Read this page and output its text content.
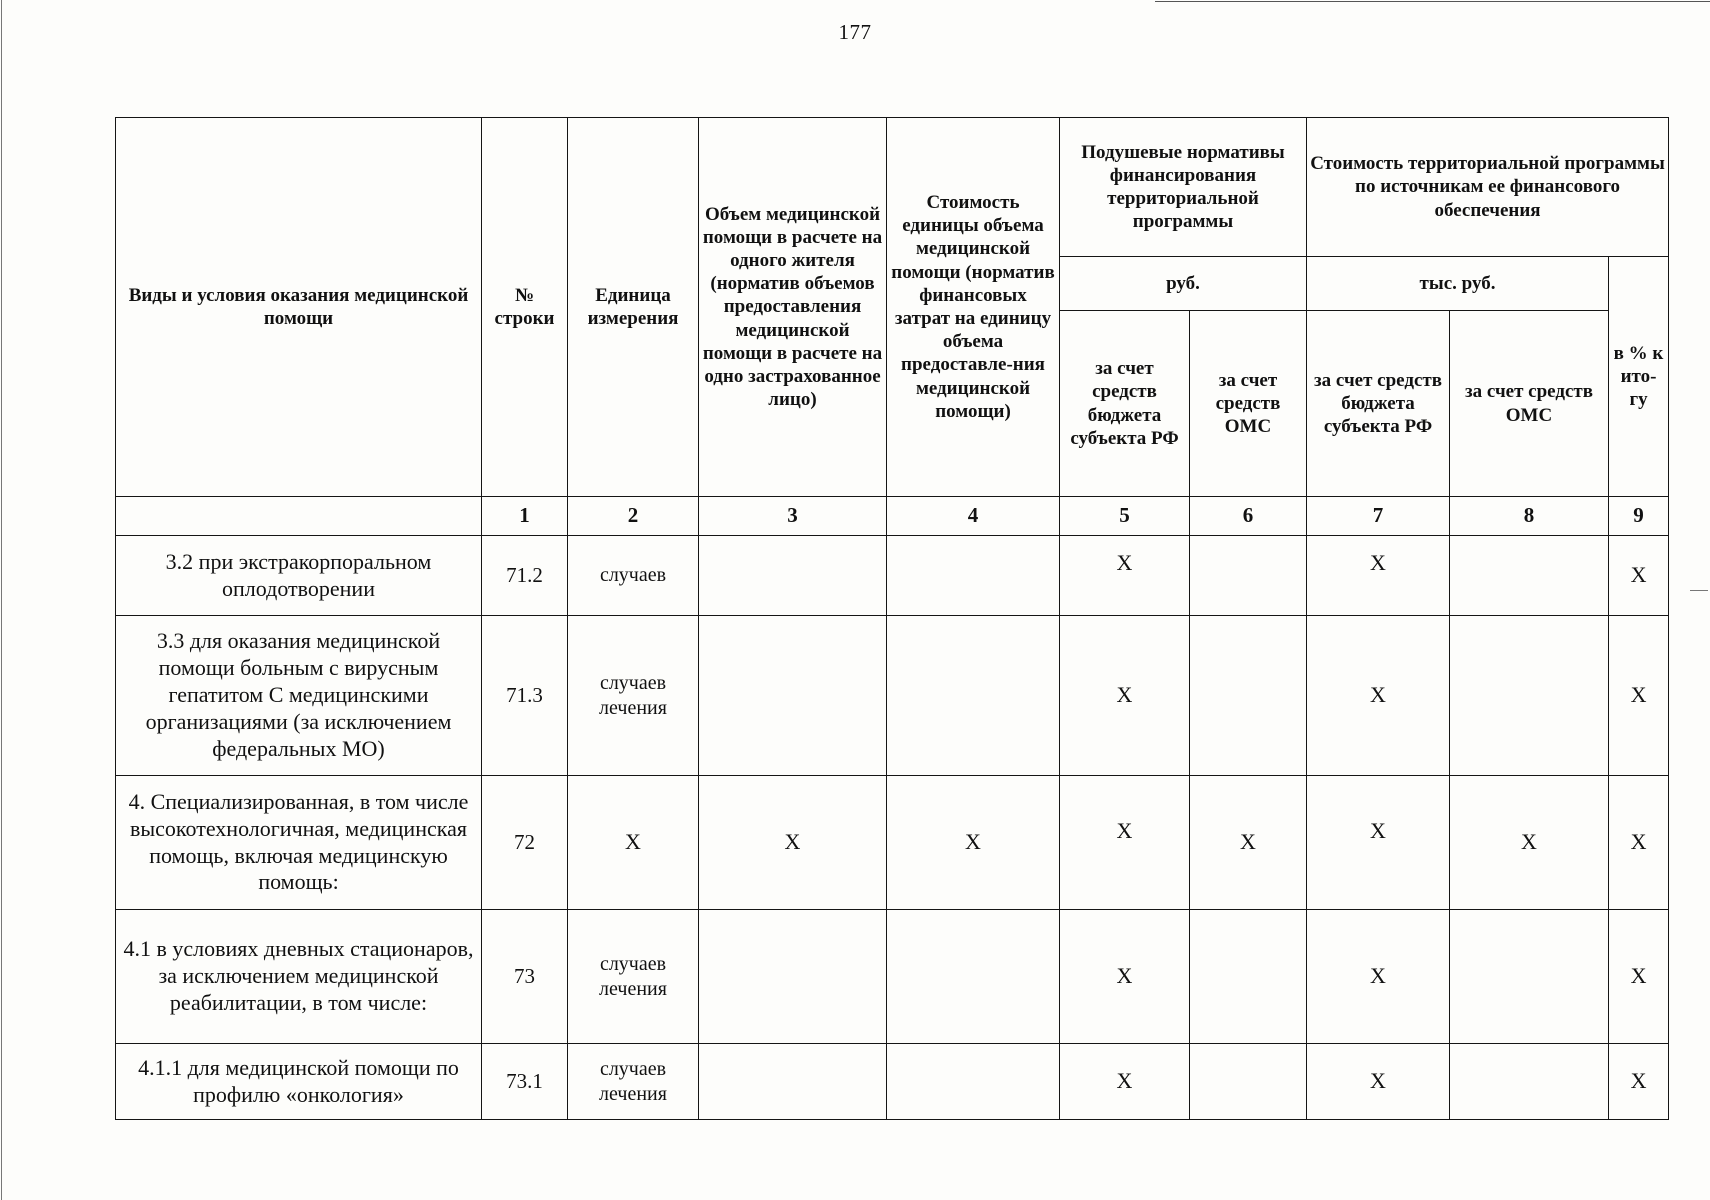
177
Виды и условия оказания медицинской помощи	№ строки	Единица измерения	Объем медицинской помощи в расчете на одного жителя (норматив объемов предоставления медицинской помощи в расчете на одно застрахованное лицо)	Стоимость единицы объема медицинской помощи (норматив финансовых затрат на единицу объема предоставле-ния медицинской помощи)	Подушевые нормативы финансирования территориальной программы		Стоимость территориальной программы по источникам ее финансового обеспечения		
					руб.		тыс. руб.		в % к ито-гу
					за счет средств бюджета субъекта РФ	за счет средств ОМС	за счет средств бюджета субъекта РФ	за счет средств ОМС	
	1	2	3	4	5	6	7	8	9
3.2 при экстракорпоральном оплодотворении	71.2	случаев			Х		Х		Х
3.3 для оказания медицинской помощи больным с вирусным гепатитом С медицинскими организациями (за исключением федеральных МО)	71.3	случаев лечения			Х		Х		Х
4. Специализированная, в том числе высокотехнологичная, медицинская помощь, включая медицинскую помощь:	72	Х	Х	Х	Х	Х	Х	Х	Х
4.1 в условиях дневных стационаров, за исключением медицинской реабилитации, в том числе:	73	случаев лечения			Х		Х		Х
4.1.1 для медицинской помощи по профилю «онкология»	73.1	случаев лечения			Х		Х		Х
